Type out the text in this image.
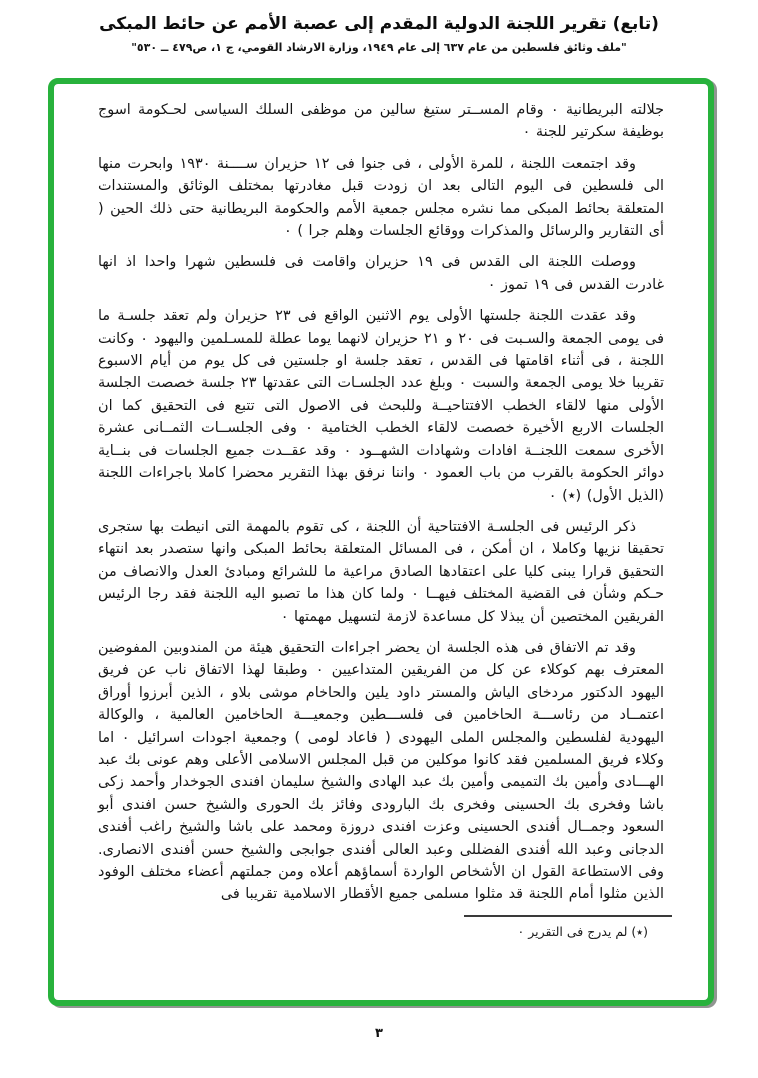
(تابع) تقرير اللجنة الدولية المقدم إلى عصبة الأمم عن حائط المبكى
"ملف وثائق فلسطين من عام ٦٣٧ إلى عام ١٩٤٩، وزارة الارشاد القومي، ج ١، ص٤٧٩ ــ ٥٣٠"

جلالته البريطانية ٠ وقام المســتر ستيغ سالين من موظفى السلك السياسى لحـكومة اسوج بوظيفة سكرتير للجنة ٠

وقد اجتمعت اللجنة ، للمرة الأولى ، فى جنوا فى ١٢ حزيران ســــنة ١٩٣٠ وابحرت منها الى فلسطين فى اليوم التالى بعد ان زودت قبل مغادرتها بمختلف الوثائق والمستندات المتعلقة بحائط المبكى مما نشره مجلس جمعية الأمم والحكومة البريطانية حتى ذلك الحين ( أى التقارير والرسائل والمذكرات ووقائع الجلسات وهلم جرا ) ٠

ووصلت اللجنة الى القدس فى ١٩ حزيران واقامت فى فلسطين شهرا واحدا اذ انها غادرت القدس فى ١٩ تموز ٠

وقد عقدت اللجنة جلستها الأولى يوم الاثنين الواقع فى ٢٣ حزيران ولم تعقد جلسـة ما فى يومى الجمعة والسـبت فى ٢٠ و ٢١ حزيران لانهما يوما عطلة للمسـلمين واليهود ٠ وكانت اللجنة ، فى أثناء اقامتها فى القدس ، تعقد جلسة او جلستين فى كل يوم من أيام الاسبوع تقريبا خلا يومى الجمعة والسبت ٠ وبلغ عدد الجلسـات التى عقدتها ٢٣ جلسة خصصت الجلسة الأولى منها لالقاء الخطب الافتتاحيــة وللبحث فى الاصول التى تتبع فى التحقيق كما ان الجلسات الاربع الأخيرة خصصت لالقاء الخطب الختامية ٠ وفى الجلســات الثمــانى عشرة الأخرى سمعت اللجنــة افادات وشهادات الشهــود ٠ وقد عقــدت جميع الجلسات فى بنــاية دوائر الحكومة بالقرب من باب العمود ٠ واننا نرفق بهذا التقرير محضرا كاملا باجراءات اللجنة (الذيل الأول) (٭) ٠

ذكر الرئيس فى الجلسـة الافتتاحية أن اللجنة ، كى تقوم بالمهمة التى انيطت بها ستجرى تحقيقا نزيها وكاملا ، ان أمكن ، فى المسائل المتعلقة بحائط المبكى وانها ستصدر بعد انتهاء التحقيق قرارا يبنى كليا على اعتقادها الصادق مراعية ما للشرائع ومبادئ العدل والانصاف من حـكم وشأن فى القضية المختلف فيهــا ٠ ولما كان هذا ما تصبو اليه اللجنة فقد رجا الرئيس الفريقين المختصين أن يبذلا كل مساعدة لازمة لتسهيل مهمتها ٠

وقد تم الاتفاق فى هذه الجلسة ان يحضر اجراءات التحقيق هيئة من المندوبين المفوضين المعترف بهم كوكلاء عن كل من الفريقين المتداعيين ٠ وطبقا لهذا الاتفاق ناب عن فريق اليهود الدكتور مردخاى الياش والمستر داود يلين والحاخام موشى بلاو ، الذين أبرزوا أوراق اعتمــاد من رئاســـة الحاخامين فى فلســـطين وجمعيـــة الحاخامين العالمية ، والوكالة اليهودية لفلسطين والمجلس الملى اليهودى ( فاعاد لومى ) وجمعية اجودات اسرائيل ٠ اما وكلاء فريق المسلمين فقد كانوا موكلين من قبل المجلس الاسلامى الأعلى وهم عونى بك عبد الهـــادى وأمين بك التميمى وأمين بك عبد الهادى والشيخ سليمان افندى الجوخدار وأحمد زكى باشا وفخرى بك الحسينى وفخرى بك البارودى وفائز بك الحورى والشيخ حسن افندى أبو السعود وجمــال أفندى الحسينى وعزت افندى دروزة ومحمد على باشا والشيخ راغب أفندى الدجانى وعبد الله أفندى الفضللى وعبد العالى أفندى جوابجى والشيخ حسن أفندى الانصارى. وفى الاستطاعة القول ان الأشخاص الواردة أسماؤهم أعلاه ومن جملتهم أعضاء مختلف الوفود الذين مثلوا أمام اللجنة قد مثلوا مسلمى جميع الأقطار الاسلامية تقريبا فى

(٭) لم يدرج فى التقرير ٠
٣
